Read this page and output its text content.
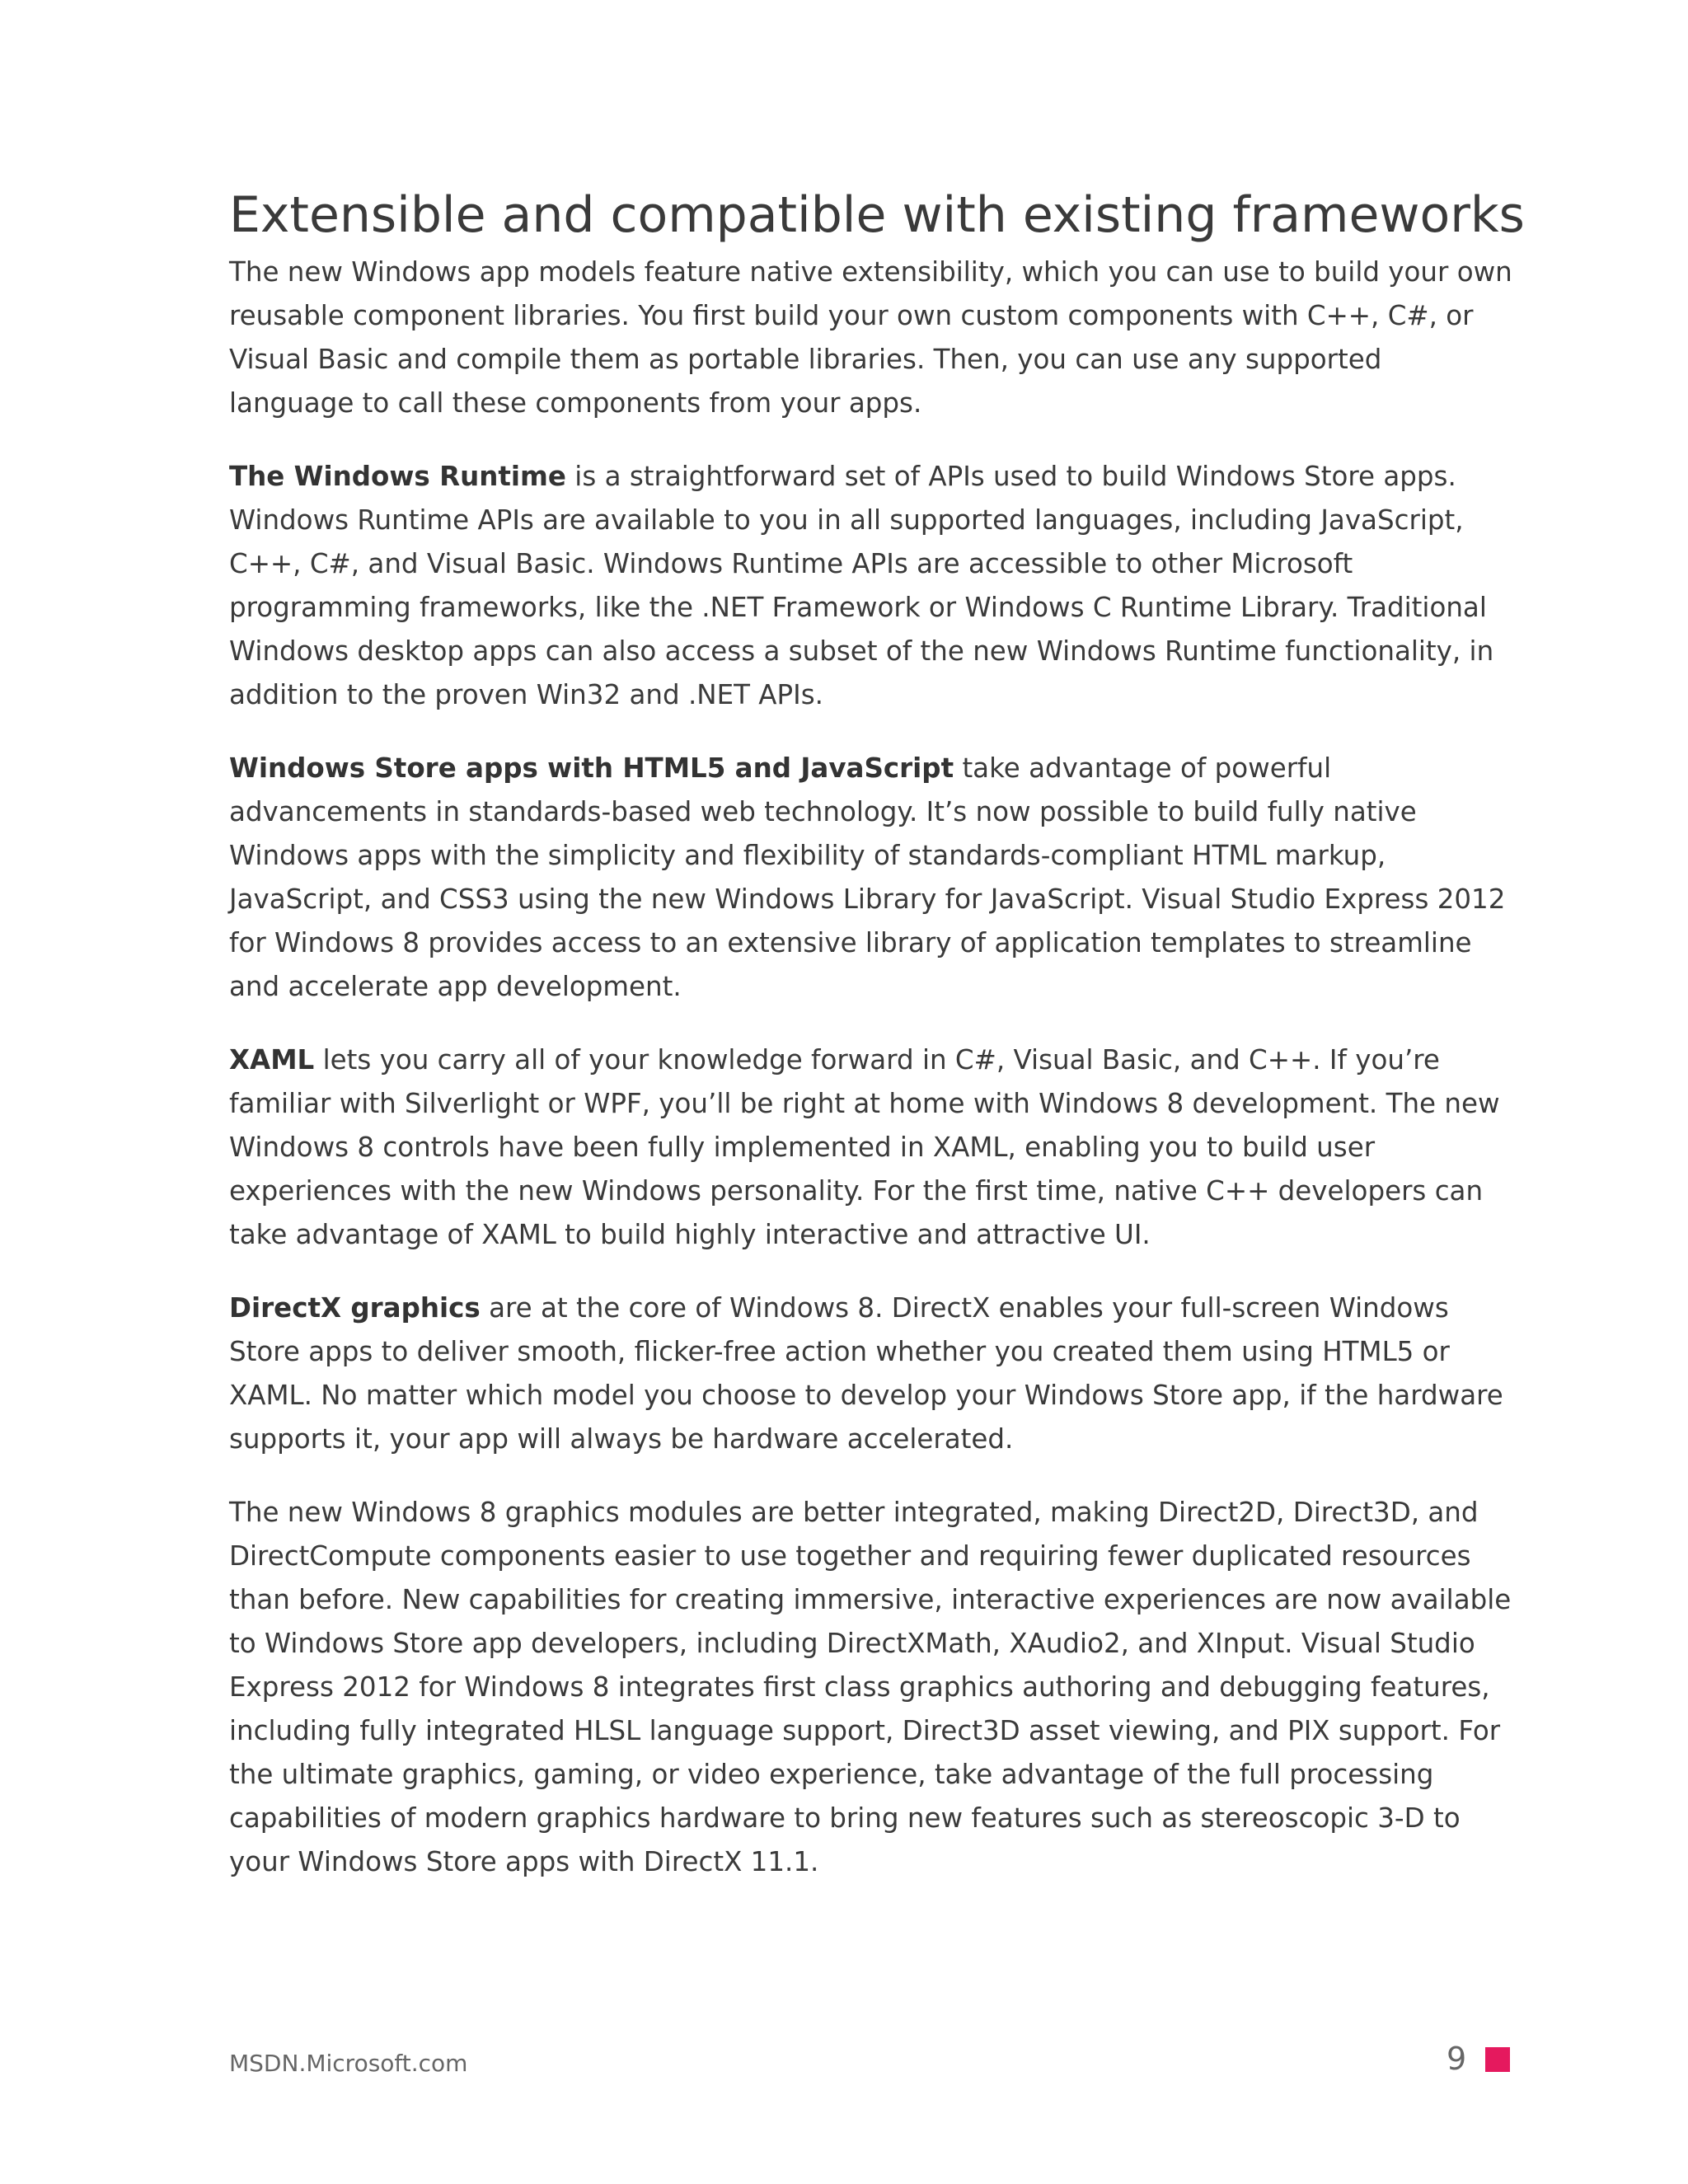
Extensible and compatible with existing frameworks

The new Windows app models feature native extensibility, which you can use to build your own reusable component libraries. You first build your own custom components with C++, C#, or Visual Basic and compile them as portable libraries. Then, you can use any supported language to call these components from your apps.

The Windows Runtime is a straightforward set of APIs used to build Windows Store apps. Windows Runtime APIs are available to you in all supported languages, including JavaScript, C++, C#, and Visual Basic. Windows Runtime APIs are accessible to other Microsoft programming frameworks, like the .NET Framework or Windows C Runtime Library. Traditional Windows desktop apps can also access a subset of the new Windows Runtime functionality, in addition to the proven Win32 and .NET APIs.

Windows Store apps with HTML5 and JavaScript take advantage of powerful advancements in standards-based web technology. It’s now possible to build fully native Windows apps with the simplicity and flexibility of standards-compliant HTML markup, JavaScript, and CSS3 using the new Windows Library for JavaScript. Visual Studio Express 2012 for Windows 8 provides access to an extensive library of application templates to streamline and accelerate app development.

XAML lets you carry all of your knowledge forward in C#, Visual Basic, and C++. If you’re familiar with Silverlight or WPF, you’ll be right at home with Windows 8 development. The new Windows 8 controls have been fully implemented in XAML, enabling you to build user experiences with the new Windows personality. For the first time, native C++ developers can take advantage of XAML to build highly interactive and attractive UI.

DirectX graphics are at the core of Windows 8. DirectX enables your full-screen Windows Store apps to deliver smooth, flicker-free action whether you created them using HTML5 or XAML. No matter which model you choose to develop your Windows Store app, if the hardware supports it, your app will always be hardware accelerated.

The new Windows 8 graphics modules are better integrated, making Direct2D, Direct3D, and DirectCompute components easier to use together and requiring fewer duplicated resources than before. New capabilities for creating immersive, interactive experiences are now available to Windows Store app developers, including DirectXMath, XAudio2, and XInput. Visual Studio Express 2012 for Windows 8 integrates first class graphics authoring and debugging features, including fully integrated HLSL language support, Direct3D asset viewing, and PIX support. For the ultimate graphics, gaming, or video experience, take advantage of the full processing capabilities of modern graphics hardware to bring new features such as stereoscopic 3-D to your Windows Store apps with DirectX 11.1.

MSDN.Microsoft.com	9
